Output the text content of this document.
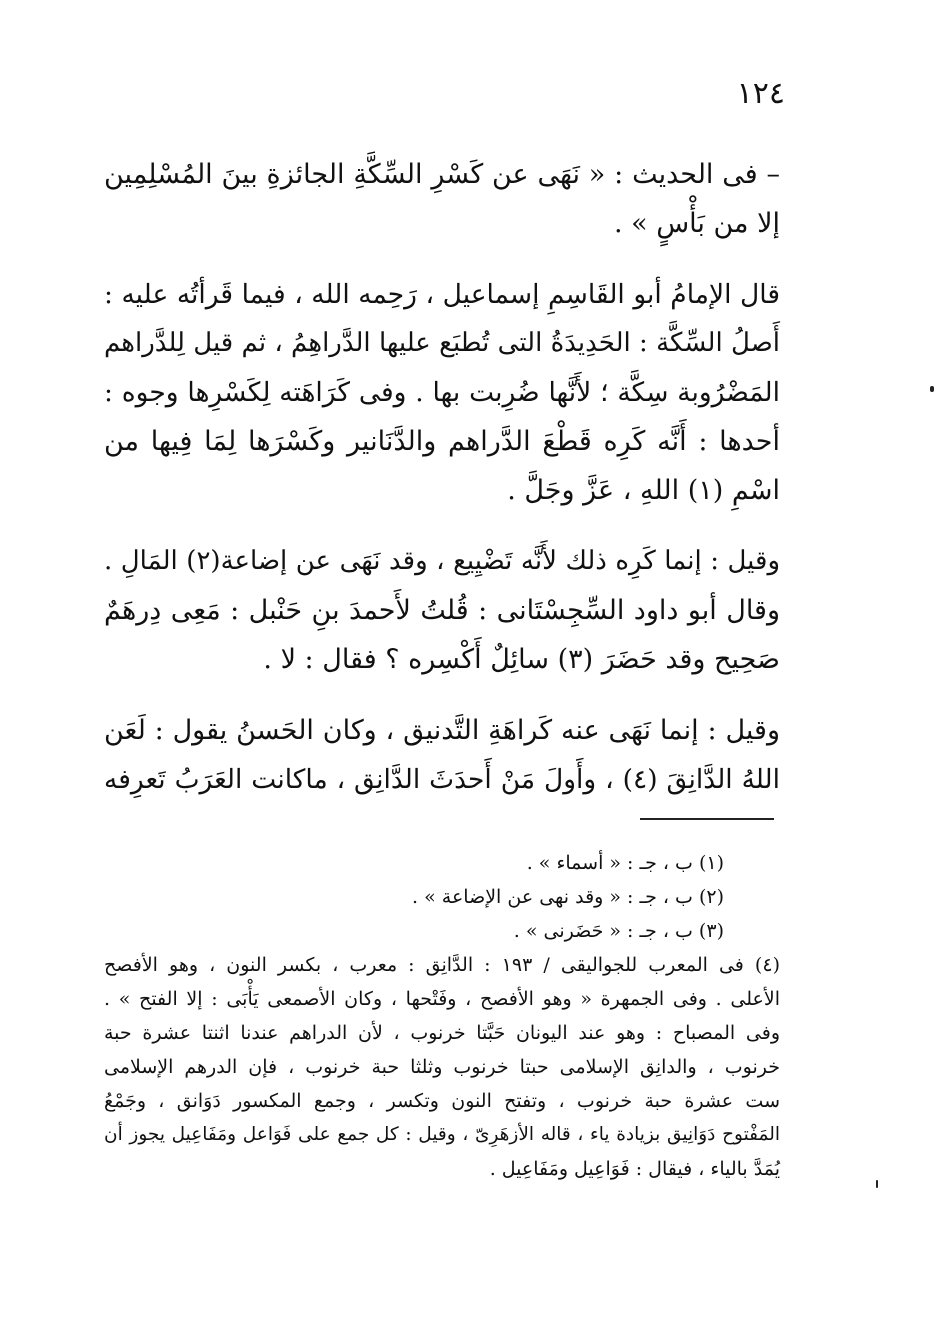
١٢٤
– فى الحديث : « نَهَى عن كَسْرِ السِّكَّةِ الجائزةِ بينَ المُسْلِمِين
إلا من بَأْسٍ » .
قال الإمامُ أبو القَاسِمِ إسماعيل ، رَحِمه الله ، فيما قَرأتُه عليه :
أَصلُ السِّكَّة : الحَدِيدَةُ التى تُطبَع عليها الدَّراهِمُ ، ثم قيل لِلدَّراهم
المَضْرُوبة سِكَّة ؛ لأَنَّها ضُرِبت بها . وفى كَرَاهَته لِكَسْرِها وجوه :
أحدها : أَنَّه كَرِه قَطْعَ الدَّراهم والدَّنَانير وكَسْرَها لِمَا فِيها من
اسْمِ (١) اللهِ ، عَزَّ وجَلَّ .
وقيل : إنما كَرِه ذلك لأَنَّه تَضْيِيع ، وقد نَهَى عن إضاعة(٢) المَالِ .
وقال أبو داود السِّجِسْتَانى : قُلتُ لأَحمدَ بنِ حَنْبل : مَعِى دِرهَمٌ
صَحِيح وقد حَضَرَ (٣) سائِلٌ أَكْسِره ؟ فقال : لا .
وقيل : إنما نَهَى عنه كَراهَةِ التَّدنيق ، وكان الحَسنُ يقول : لَعَن
اللهُ الدَّانِقَ (٤) ، وأَولَ مَنْ أَحدَثَ الدَّانِق ، ماكانت العَرَبُ تَعرِفه
(١) ب ، جـ : « أسماء » .
(٢) ب ، جـ : « وقد نهى عن الإضاعة » .
(٣) ب ، جـ : « حَضَرنى » .
(٤) فى المعرب للجواليقى / ١٩٣ : الدَّانِق : معرب ، بكسر النون ، وهو الأفصح
الأعلى . وفى الجمهرة « وهو الأفصح ، وفَتْحها ، وكان الأصمعى يَأْبَى : إلا الفتح » .
وفى المصباح : وهو عند اليونان حَبَّتا خرنوب ، لأن الدراهم عندنا اثنتا عشرة حبة
خرنوب ، والدانِق الإسلامى حبتا خرنوب وثلثا حبة خرنوب ، فإن الدرهم الإسلامى
ست عشرة حبة خرنوب ، وتفتح النون وتكسر ، وجمع المكسور دَوَانق ، وجَمْعُ
المَفْتوح دَوَانِيق بزيادة ياء ، قاله الأزهَرِىّ ، وقيل : كل جمع على فَوَاعل ومَفَاعِيل يجوز أن
يُمَدَّ بالياء ، فيقال : فَوَاعِيل ومَفَاعِيل .
